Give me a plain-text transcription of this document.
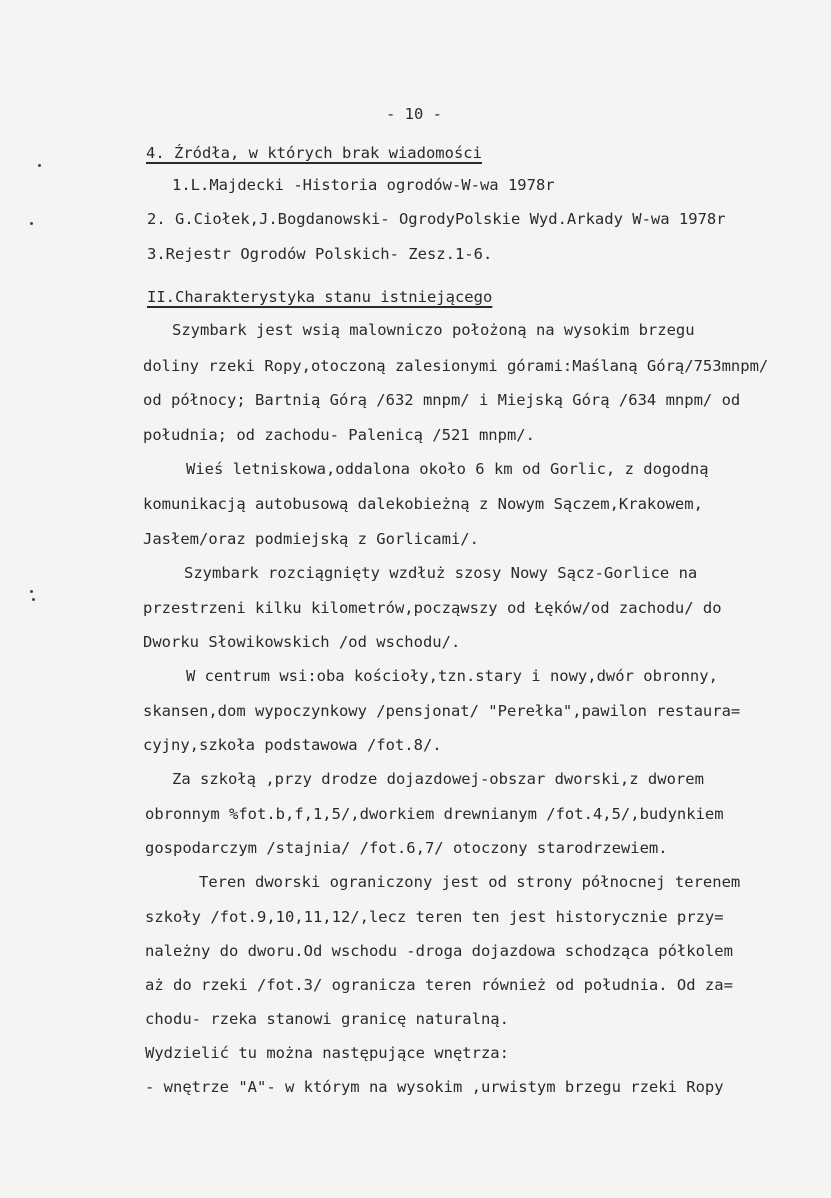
- 10 -
4. Źródła, w których brak wiadomości
1.L.Majdecki -Historia ogrodów-W-wa 1978r
2. G.Ciołek,J.Bogdanowski- OgrodyPolskie Wyd.Arkady W-wa 1978r
3.Rejestr Ogrodów Polskich- Zesz.1-6.
II.Charakterystyka stanu istniejącego
Szymbark jest wsią malowniczo położoną na wysokim brzegu
doliny rzeki Ropy,otoczoną zalesionymi górami:Maślaną Górą/753mnpm/
od północy; Bartnią Górą /632 mnpm/ i Miejską Górą /634 mnpm/ od
południa; od zachodu- Palenicą /521 mnpm/.
Wieś letniskowa,oddalona około 6 km od Gorlic, z dogodną
komunikacją autobusową dalekobieżną z Nowym Sączem,Krakowem,
Jasłem/oraz podmiejską z Gorlicami/.
Szymbark rozciągnięty wzdłuż szosy Nowy Sącz-Gorlice na
przestrzeni kilku kilometrów,począwszy od Łęków/od zachodu/ do
Dworku Słowikowskich /od wschodu/.
W centrum wsi:oba kościoły,tzn.stary i nowy,dwór obronny,
skansen,dom wypoczynkowy /pensjonat/ "Perełka",pawilon restaura=
cyjny,szkoła podstawowa /fot.8/.
Za szkołą ,przy drodze dojazdowej-obszar dworski,z dworem
obronnym %fot.b,f,1,5/,dworkiem drewnianym /fot.4,5/,budynkiem
gospodarczym /stajnia/ /fot.6,7/ otoczony starodrzewiem.
Teren dworski ograniczony jest od strony północnej terenem
szkoły /fot.9,10,11,12/,lecz teren ten jest historycznie przy=
należny do dworu.Od wschodu -droga dojazdowa schodząca półkolem
aż do rzeki /fot.3/ ogranicza teren również od południa. Od za=
chodu- rzeka stanowi granicę naturalną.
Wydzielić tu można następujące wnętrza:
- wnętrze "A"- w którym na wysokim ,urwistym brzegu rzeki Ropy
